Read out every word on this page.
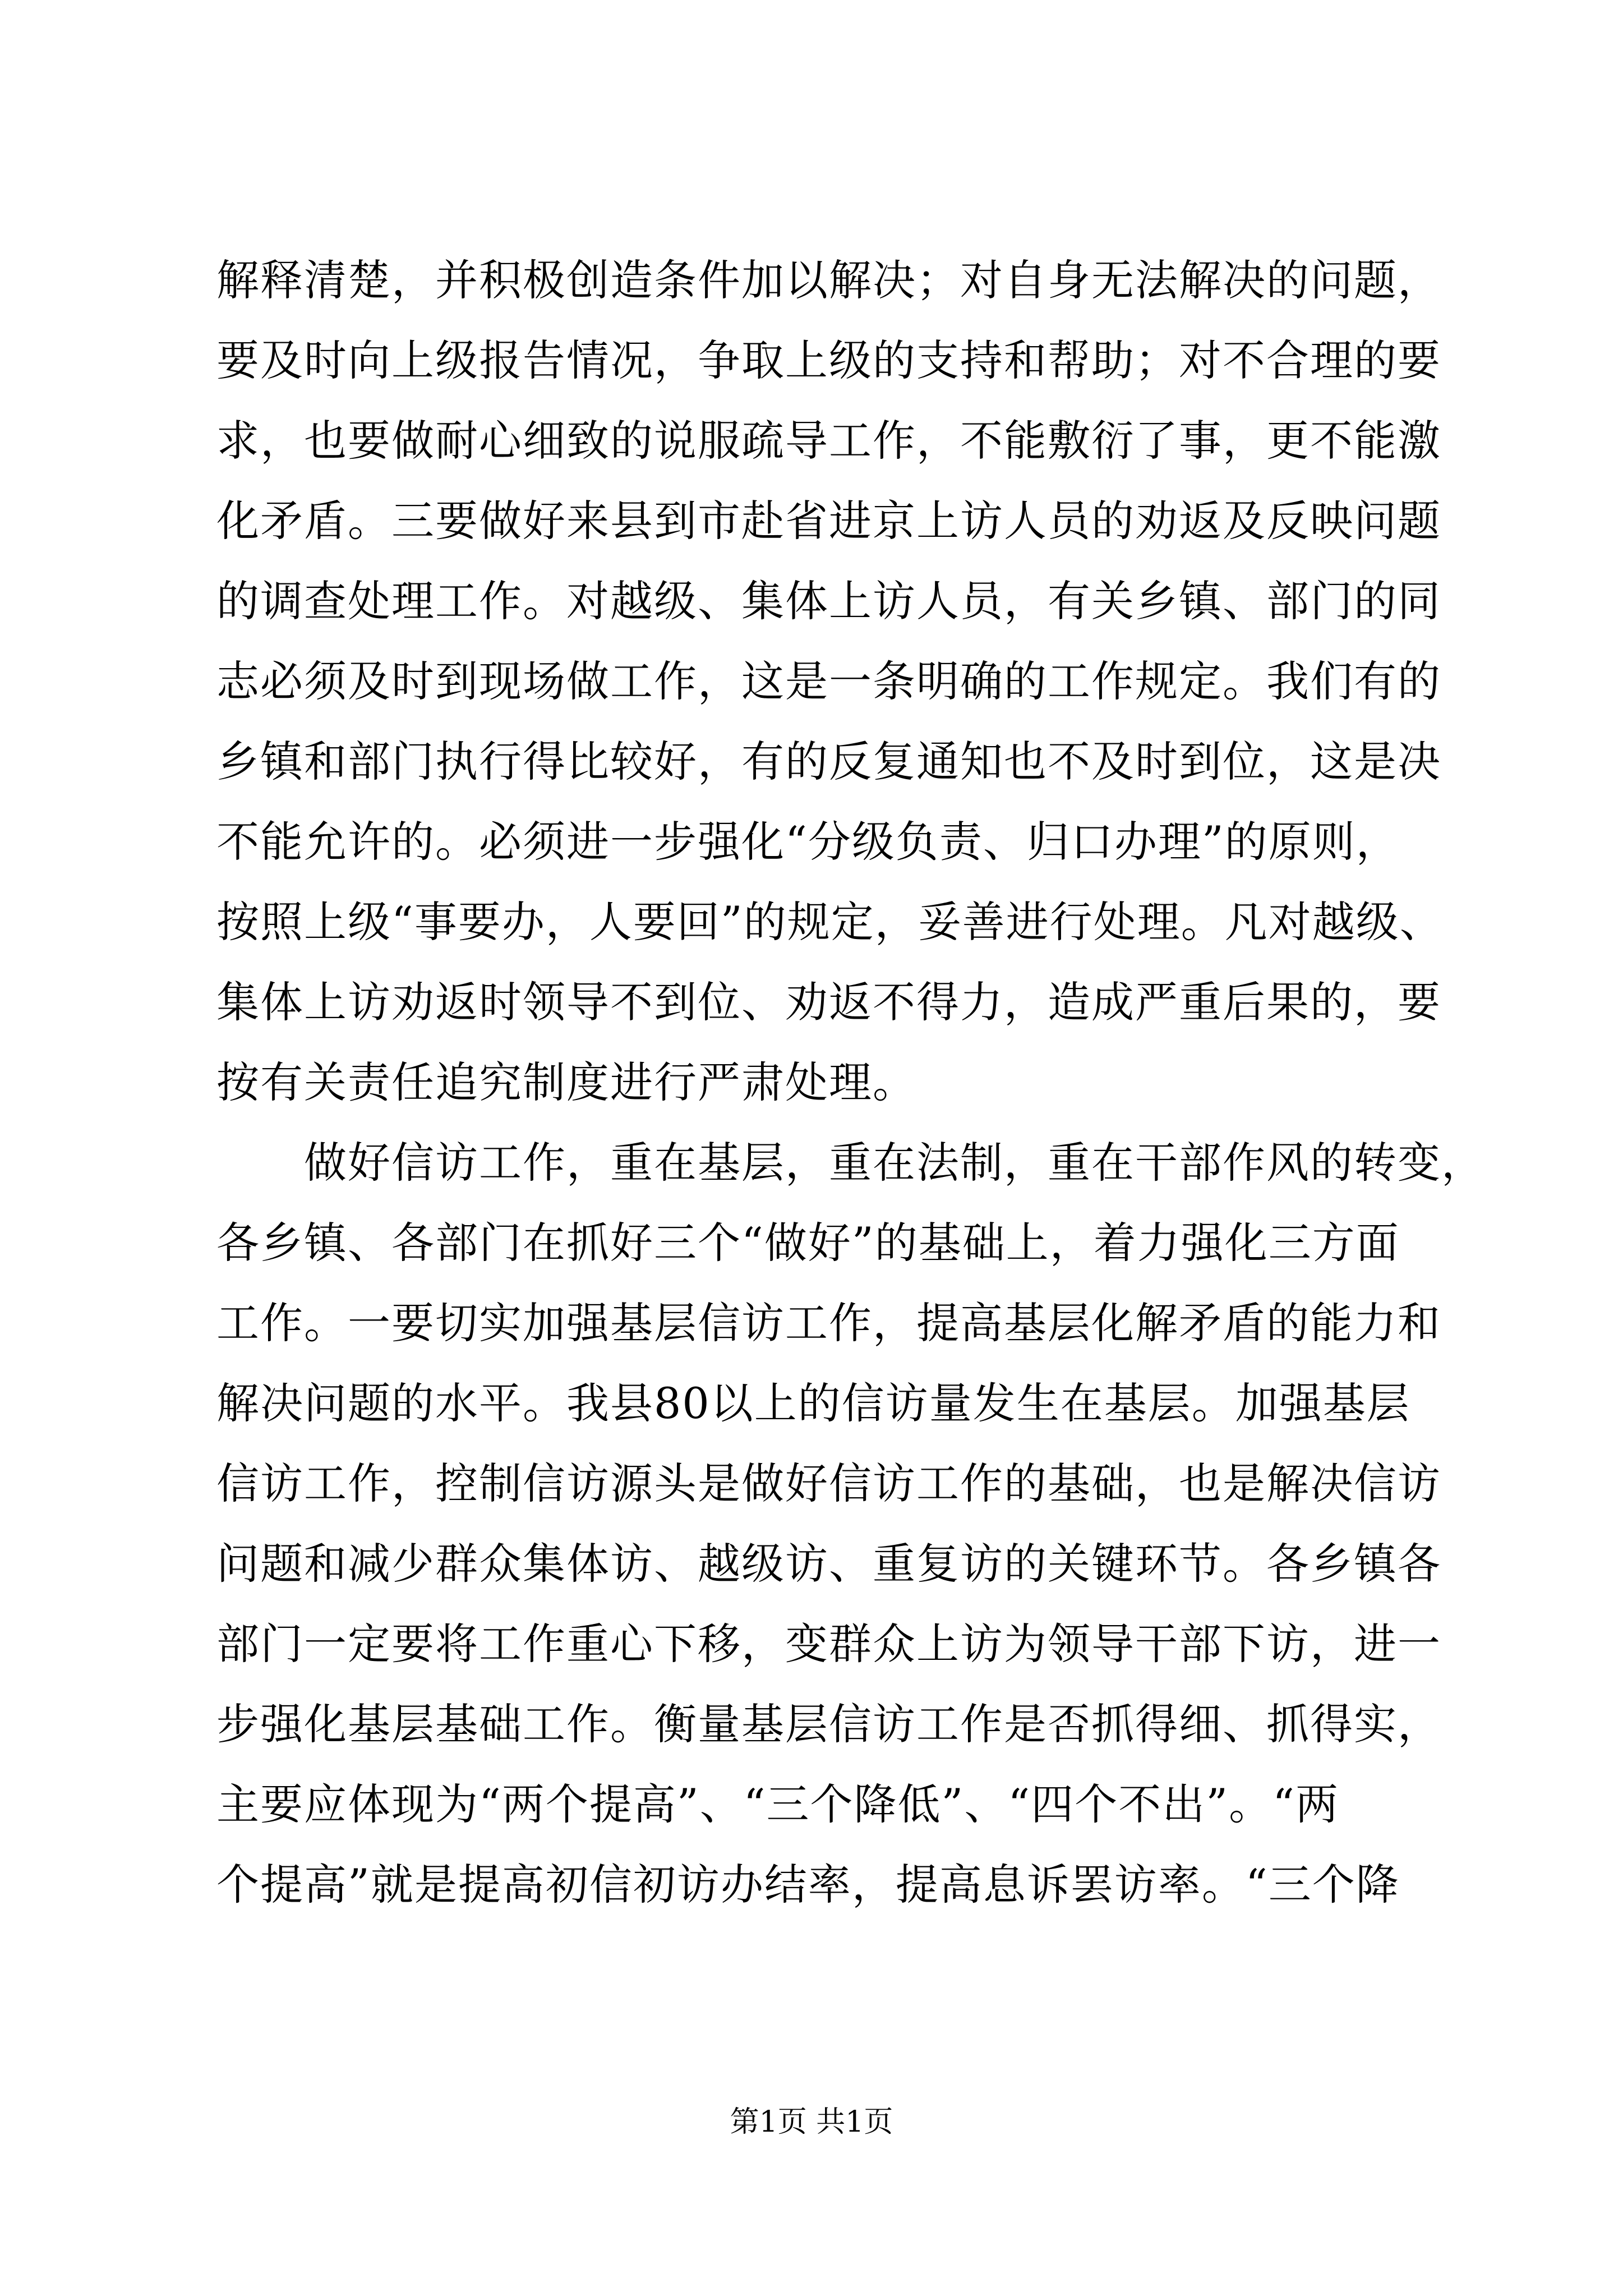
解释清楚，并积极创造条件加以解决；对自身无法解决的问题，
要及时向上级报告情况，争取上级的支持和帮助；对不合理的要
求，也要做耐心细致的说服疏导工作，不能敷衍了事，更不能激
化矛盾。三要做好来县到市赴省进京上访人员的劝返及反映问题
的调查处理工作。对越级、集体上访人员，有关乡镇、部门的同
志必须及时到现场做工作，这是一条明确的工作规定。我们有的
乡镇和部门执行得比较好，有的反复通知也不及时到位，这是决
不能允许的。必须进一步强化“分级负责、归口办理”的原则，
按照上级“事要办，人要回”的规定，妥善进行处理。凡对越级、
集体上访劝返时领导不到位、劝返不得力，造成严重后果的，要
按有关责任追究制度进行严肃处理。
　　做好信访工作，重在基层，重在法制，重在干部作风的转变，
各乡镇、各部门在抓好三个“做好”的基础上，着力强化三方面
工作。一要切实加强基层信访工作，提高基层化解矛盾的能力和
解决问题的水平。我县80以上的信访量发生在基层。加强基层
信访工作，控制信访源头是做好信访工作的基础，也是解决信访
问题和减少群众集体访、越级访、重复访的关键环节。各乡镇各
部门一定要将工作重心下移，变群众上访为领导干部下访，进一
步强化基层基础工作。衡量基层信访工作是否抓得细、抓得实，
主要应体现为“两个提高”、“三个降低”、“四个不出”。“两
个提高”就是提高初信初访办结率，提高息诉罢访率。“三个降
第1页 共1页
